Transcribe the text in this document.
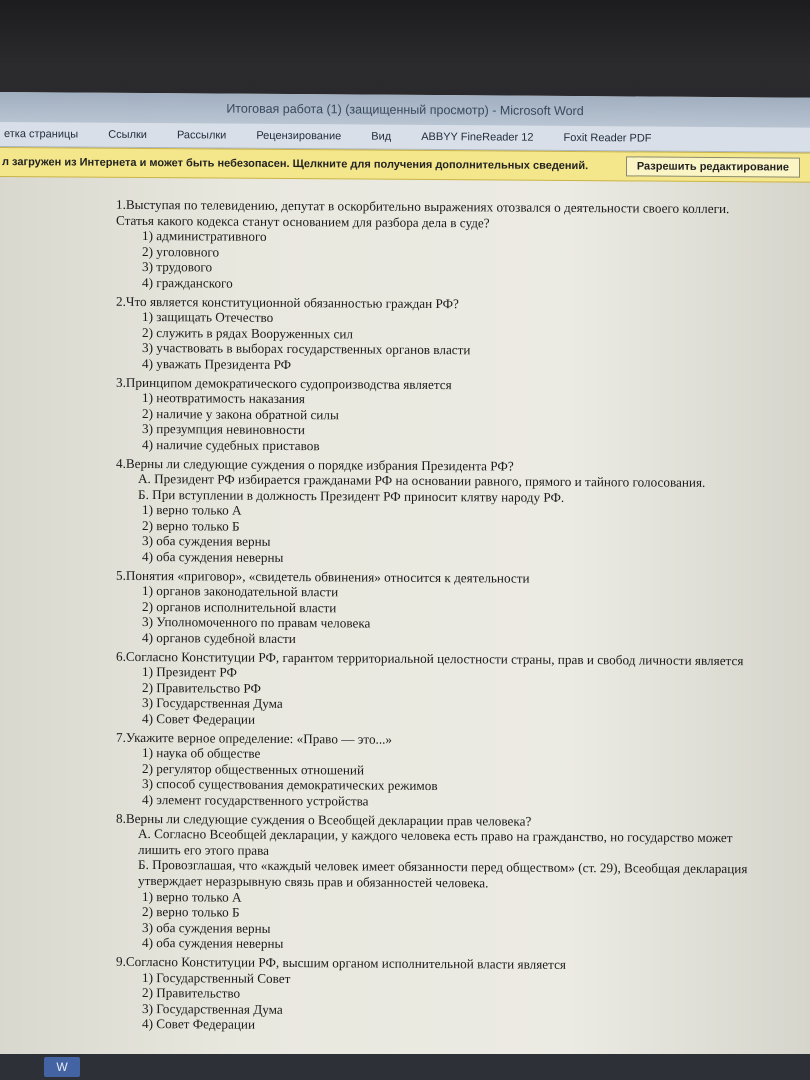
Итоговая работа (1) (защищенный просмотр) - Microsoft Word
етка страницы	Ссылки	Рассылки	Рецензирование	Вид	ABBYY FineReader 12	Foxit Reader PDF
л загружен из Интернета и может быть небезопасен. Щелкните для получения дополнительных сведений.	Разрешить редактирование
1.Выступая по телевидению, депутат в оскорбительно выражениях отозвался о деятельности своего коллеги. Статья какого кодекса станут основанием для разбора дела в суде?
1) административного
2) уголовного
3) трудового
4) гражданского
2.Что является конституционной обязанностью граждан РФ?
1) защищать Отечество
2) служить в рядах Вооруженных сил
3) участвовать в выборах государственных органов власти
4) уважать Президента РФ
3.Принципом демократического судопроизводства является
1) неотвратимость наказания
2) наличие у закона обратной силы
3) презумпция невиновности
4) наличие судебных приставов
4.Верны ли следующие суждения о порядке избрания Президента РФ?
А. Президент РФ избирается гражданами РФ на основании равного, прямого и тайного голосования.
Б. При вступлении в должность Президент РФ приносит клятву народу РФ.
1) верно только А
2) верно только Б
3) оба суждения верны
4) оба суждения неверны
5.Понятия «приговор», «свидетель обвинения» относится к деятельности
1) органов законодательной власти
2) органов исполнительной власти
3) Уполномоченного по правам человека
4) органов судебной власти
6.Согласно Конституции РФ, гарантом территориальной целостности страны, прав и свобод личности является
1) Президент РФ
2) Правительство РФ
3) Государственная Дума
4) Совет Федерации
7.Укажите верное определение: «Право — это...»
1) наука об обществе
2) регулятор общественных отношений
3) способ существования демократических режимов
4) элемент государственного устройства
8.Верны ли следующие суждения о Всеобщей декларации прав человека?
А. Согласно Всеобщей декларации, у каждого человека есть право на гражданство, но государство может лишить его этого права
Б. Провозглашая, что «каждый человек имеет обязанности перед обществом» (ст. 29), Всеобщая декларация утверждает неразрывную связь прав и обязанностей человека.
1) верно только А
2) верно только Б
3) оба суждения верны
4) оба суждения неверны
9.Согласно Конституции РФ, высшим органом исполнительной власти является
1) Государственный Совет
2) Правительство
3) Государственная Дума
4) Совет Федерации
W
